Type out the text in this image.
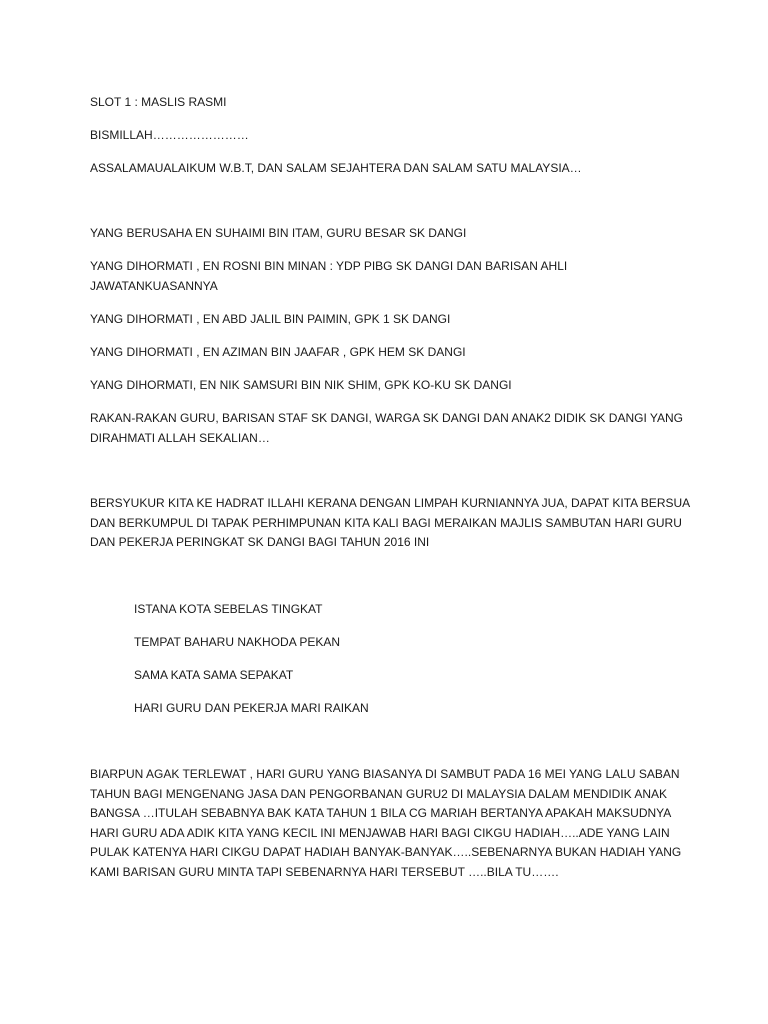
SLOT 1 : MASLIS RASMI

BISMILLAH……………………

ASSALAMAUALAIKUM W.B.T, DAN SALAM SEJAHTERA DAN SALAM SATU MALAYSIA…

YANG BERUSAHA EN SUHAIMI BIN ITAM, GURU BESAR SK DANGI

YANG DIHORMATI , EN ROSNI BIN MINAN : YDP PIBG SK DANGI DAN BARISAN AHLI JAWATANKUASANNYA

YANG DIHORMATI , EN ABD JALIL BIN PAIMIN, GPK 1 SK DANGI

YANG DIHORMATI , EN AZIMAN BIN JAAFAR , GPK HEM SK DANGI

YANG DIHORMATI, EN NIK SAMSURI BIN NIK SHIM, GPK KO-KU SK DANGI

RAKAN-RAKAN GURU, BARISAN STAF SK DANGI, WARGA SK DANGI DAN ANAK2 DIDIK SK DANGI YANG DIRAHMATI ALLAH SEKALIAN…

BERSYUKUR KITA KE HADRAT ILLAHI KERANA DENGAN LIMPAH KURNIANNYA JUA, DAPAT KITA BERSUA DAN BERKUMPUL DI TAPAK PERHIMPUNAN KITA KALI BAGI MERAIKAN MAJLIS SAMBUTAN HARI GURU DAN PEKERJA PERINGKAT SK DANGI BAGI TAHUN 2016 INI

ISTANA KOTA SEBELAS TINGKAT

TEMPAT BAHARU NAKHODA PEKAN

SAMA KATA SAMA SEPAKAT

HARI GURU DAN PEKERJA MARI RAIKAN

BIARPUN AGAK TERLEWAT , HARI GURU YANG BIASANYA DI SAMBUT PADA 16 MEI YANG LALU SABAN TAHUN BAGI MENGENANG JASA DAN PENGORBANAN GURU2 DI MALAYSIA DALAM MENDIDIK ANAK BANGSA …ITULAH SEBABNYA BAK KATA TAHUN 1 BILA CG MARIAH BERTANYA APAKAH MAKSUDNYA HARI GURU ADA ADIK KITA YANG KECIL INI MENJAWAB HARI BAGI CIKGU HADIAH…..ADE YANG LAIN PULAK KATENYA HARI CIKGU DAPAT HADIAH BANYAK-BANYAK…..SEBENARNYA BUKAN HADIAH YANG KAMI BARISAN GURU MINTA TAPI SEBENARNYA HARI TERSEBUT …..BILA TU…….
